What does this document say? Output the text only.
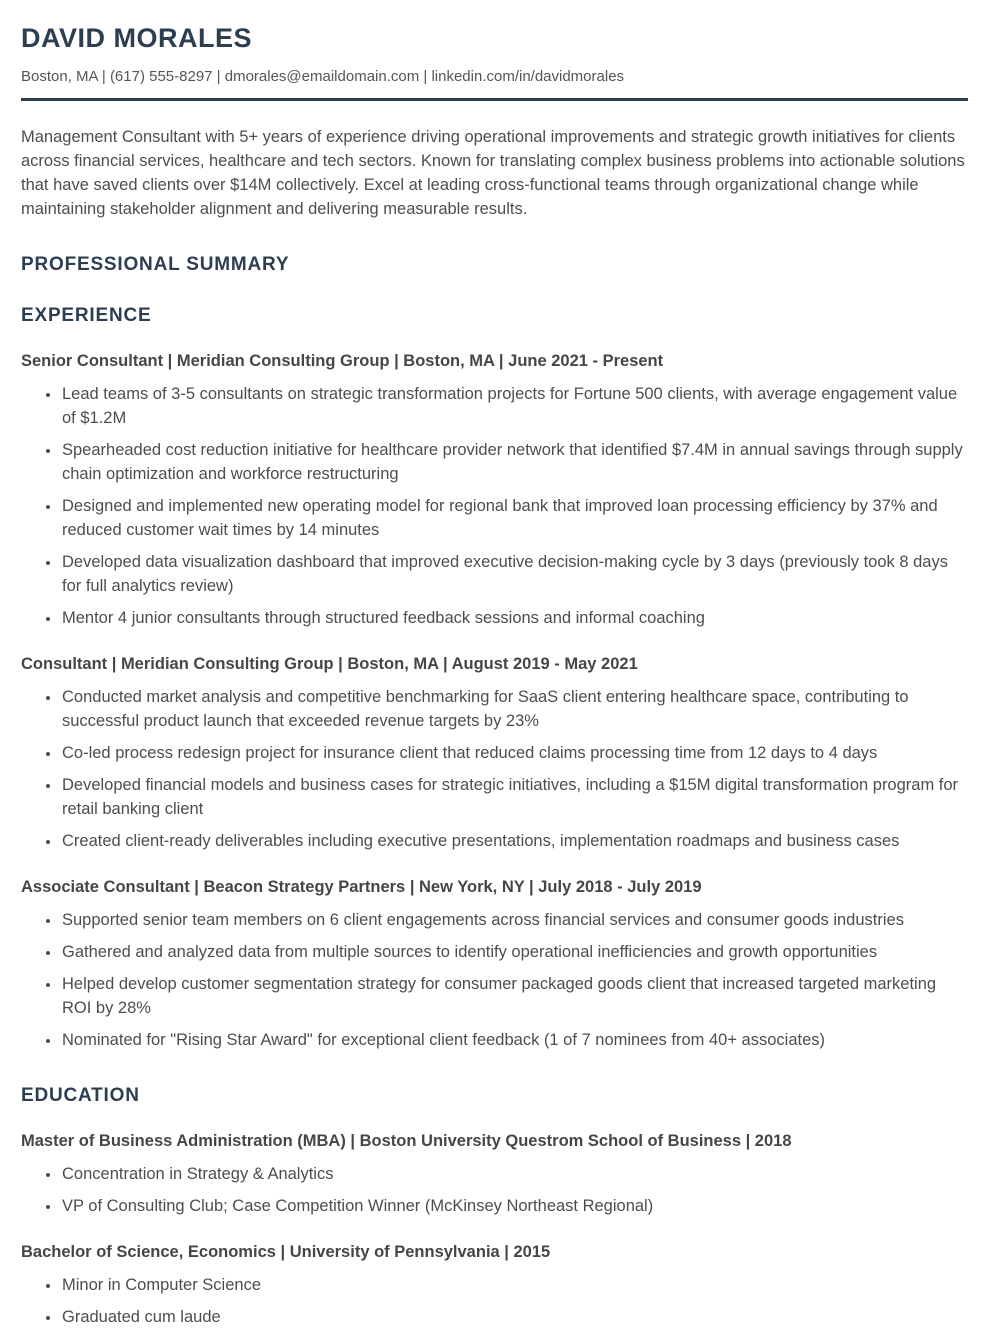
DAVID MORALES

Boston, MA | (617) 555-8297 | dmorales@emaildomain.com | linkedin.com/in/davidmorales

Management Consultant with 5+ years of experience driving operational improvements and strategic growth initiatives for clients across financial services, healthcare and tech sectors. Known for translating complex business problems into actionable solutions that have saved clients over $14M collectively. Excel at leading cross-functional teams through organizational change while maintaining stakeholder alignment and delivering measurable results.

PROFESSIONAL SUMMARY
EXPERIENCE
Senior Consultant | Meridian Consulting Group | Boston, MA | June 2021 - Present
• Lead teams of 3-5 consultants on strategic transformation projects for Fortune 500 clients, with average engagement value of $1.2M
• Spearheaded cost reduction initiative for healthcare provider network that identified $7.4M in annual savings through supply chain optimization and workforce restructuring
• Designed and implemented new operating model for regional bank that improved loan processing efficiency by 37% and reduced customer wait times by 14 minutes
• Developed data visualization dashboard that improved executive decision-making cycle by 3 days (previously took 8 days for full analytics review)
• Mentor 4 junior consultants through structured feedback sessions and informal coaching
Consultant | Meridian Consulting Group | Boston, MA | August 2019 - May 2021
• Conducted market analysis and competitive benchmarking for SaaS client entering healthcare space, contributing to successful product launch that exceeded revenue targets by 23%
• Co-led process redesign project for insurance client that reduced claims processing time from 12 days to 4 days
• Developed financial models and business cases for strategic initiatives, including a $15M digital transformation program for retail banking client
• Created client-ready deliverables including executive presentations, implementation roadmaps and business cases
Associate Consultant | Beacon Strategy Partners | New York, NY | July 2018 - July 2019
• Supported senior team members on 6 client engagements across financial services and consumer goods industries
• Gathered and analyzed data from multiple sources to identify operational inefficiencies and growth opportunities
• Helped develop customer segmentation strategy for consumer packaged goods client that increased targeted marketing ROI by 28%
• Nominated for "Rising Star Award" for exceptional client feedback (1 of 7 nominees from 40+ associates)
EDUCATION
Master of Business Administration (MBA) | Boston University Questrom School of Business | 2018
• Concentration in Strategy & Analytics
• VP of Consulting Club; Case Competition Winner (McKinsey Northeast Regional)
Bachelor of Science, Economics | University of Pennsylvania | 2015
• Minor in Computer Science
• Graduated cum laude
